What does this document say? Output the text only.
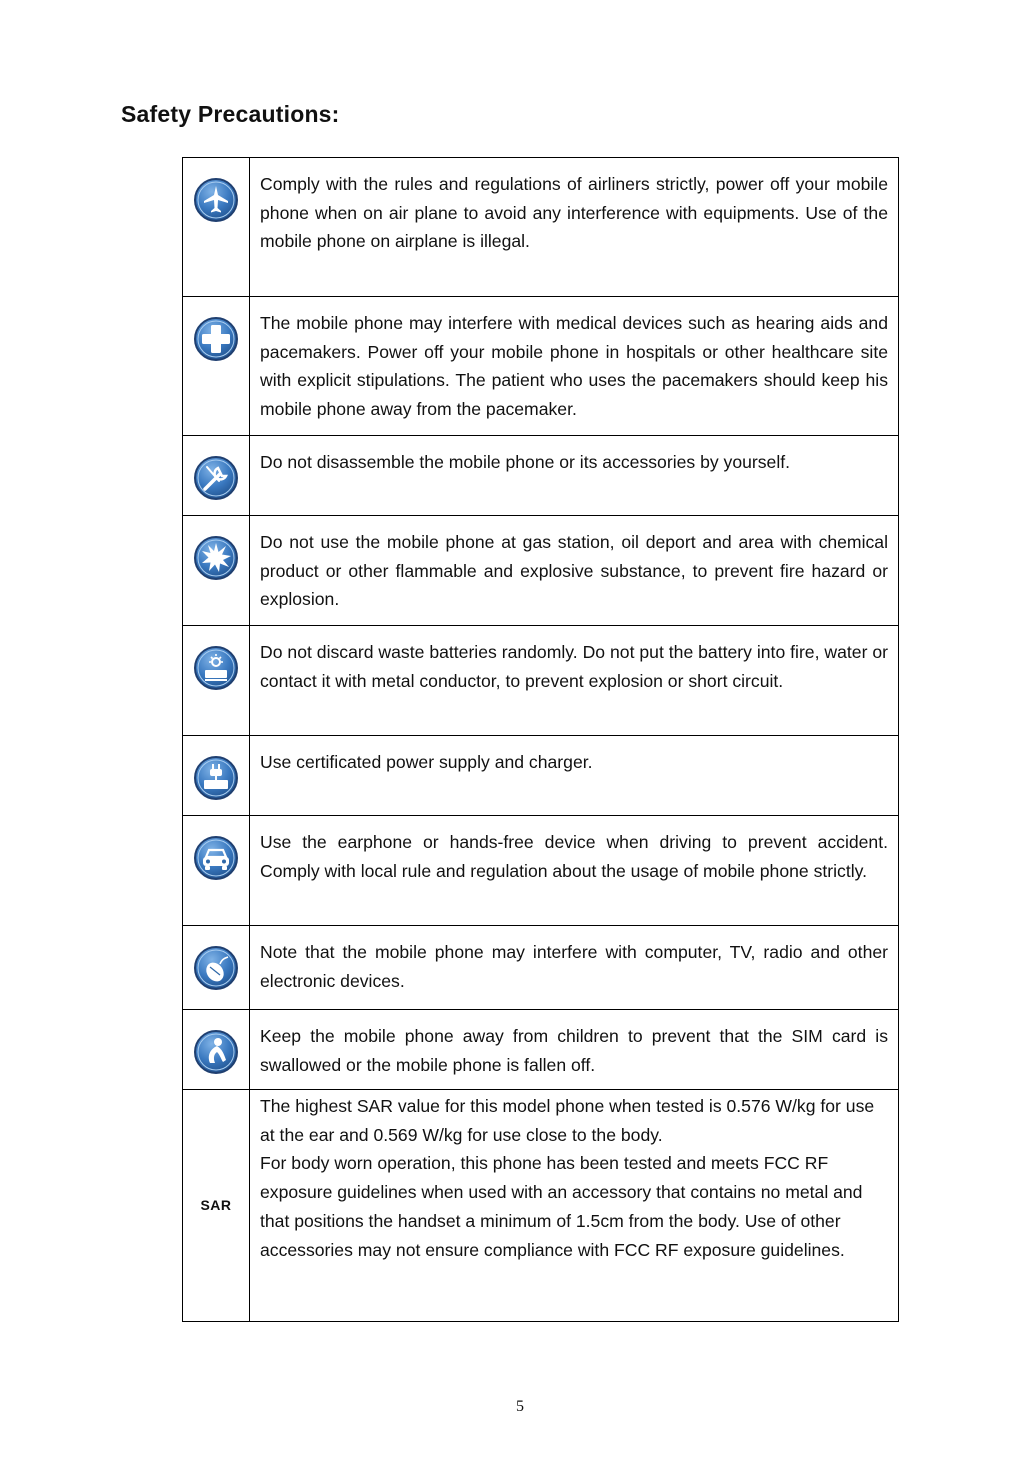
Safety Precautions:
	Comply with the rules and regulations of airliners strictly, power off your mobile phone when on air plane to avoid any interference with equipments. Use of the mobile phone on airplane is illegal.

	The mobile phone may interfere with medical devices such as hearing aids and pacemakers. Power off your mobile phone in hospitals or other healthcare site with explicit stipulations. The patient who uses the pacemakers should keep his mobile phone away from the pacemaker.

	Do not disassemble the mobile phone or its accessories by yourself.

	Do not use the mobile phone at gas station, oil deport and area with chemical product or other flammable and explosive substance, to prevent fire hazard or explosion.

	Do not discard waste batteries randomly. Do not put the battery into fire, water or contact it with metal conductor, to prevent explosion or short circuit.

	Use certificated power supply and charger.

	Use the earphone or hands-free device when driving to prevent accident. Comply with local rule and regulation about the usage of mobile phone strictly.

	Note that the mobile phone may interfere with computer, TV, radio and other electronic devices.

	Keep the mobile phone away from children to prevent that the SIM card is swallowed or the mobile phone is fallen off.
SAR	The highest SAR value for this model phone when tested is 0.576 W/kg for use at the ear and 0.569 W/kg for use close to the body.
For body worn operation, this phone has been tested and meets FCC RF exposure guidelines when used with an accessory that contains no metal and that positions the handset a minimum of 1.5cm from the body. Use of other accessories may not ensure compliance with FCC RF exposure guidelines.
5
